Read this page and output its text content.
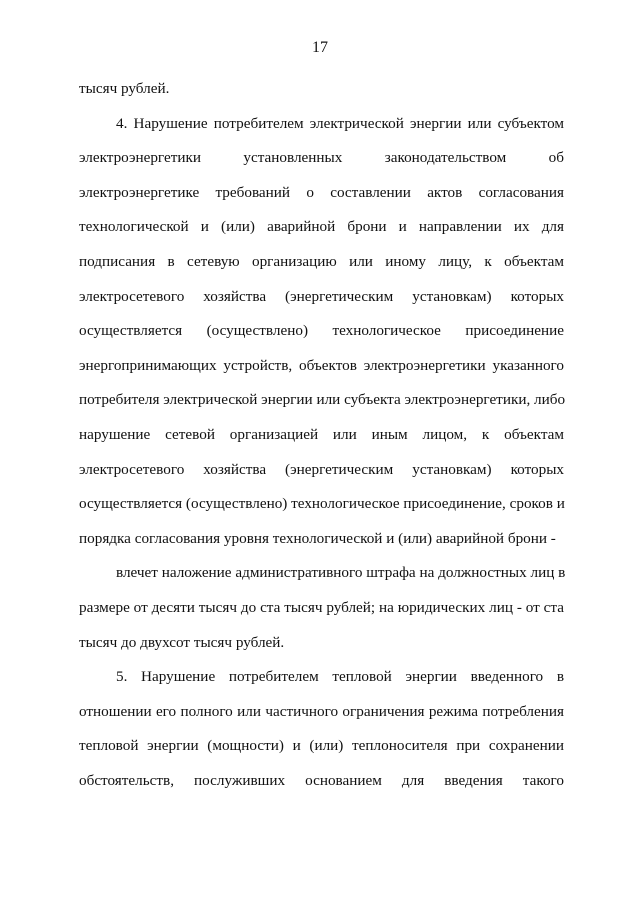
17
тысяч рублей.
4. Нарушение потребителем электрической энергии или субъектом
электроэнергетики установленных законодательством об
электроэнергетике требований о составлении актов согласования
технологической и (или) аварийной брони и направлении их для
подписания в сетевую организацию или иному лицу, к объектам
электросетевого хозяйства (энергетическим установкам) которых
осуществляется (осуществлено) технологическое присоединение
энергопринимающих устройств, объектов электроэнергетики указанного
потребителя электрической энергии или субъекта электроэнергетики, либо
нарушение сетевой организацией или иным лицом, к объектам
электросетевого хозяйства (энергетическим установкам) которых
осуществляется (осуществлено) технологическое присоединение, сроков и
порядка согласования уровня технологической и (или) аварийной брони -
влечет наложение административного штрафа на должностных лиц в
размере от десяти тысяч до ста тысяч рублей; на юридических лиц - от ста
тысяч до двухсот тысяч рублей.
5. Нарушение потребителем тепловой энергии введенного в
отношении его полного или частичного ограничения режима потребления
тепловой энергии (мощности) и (или) теплоносителя при сохранении
обстоятельств, послуживших основанием для введения такого
